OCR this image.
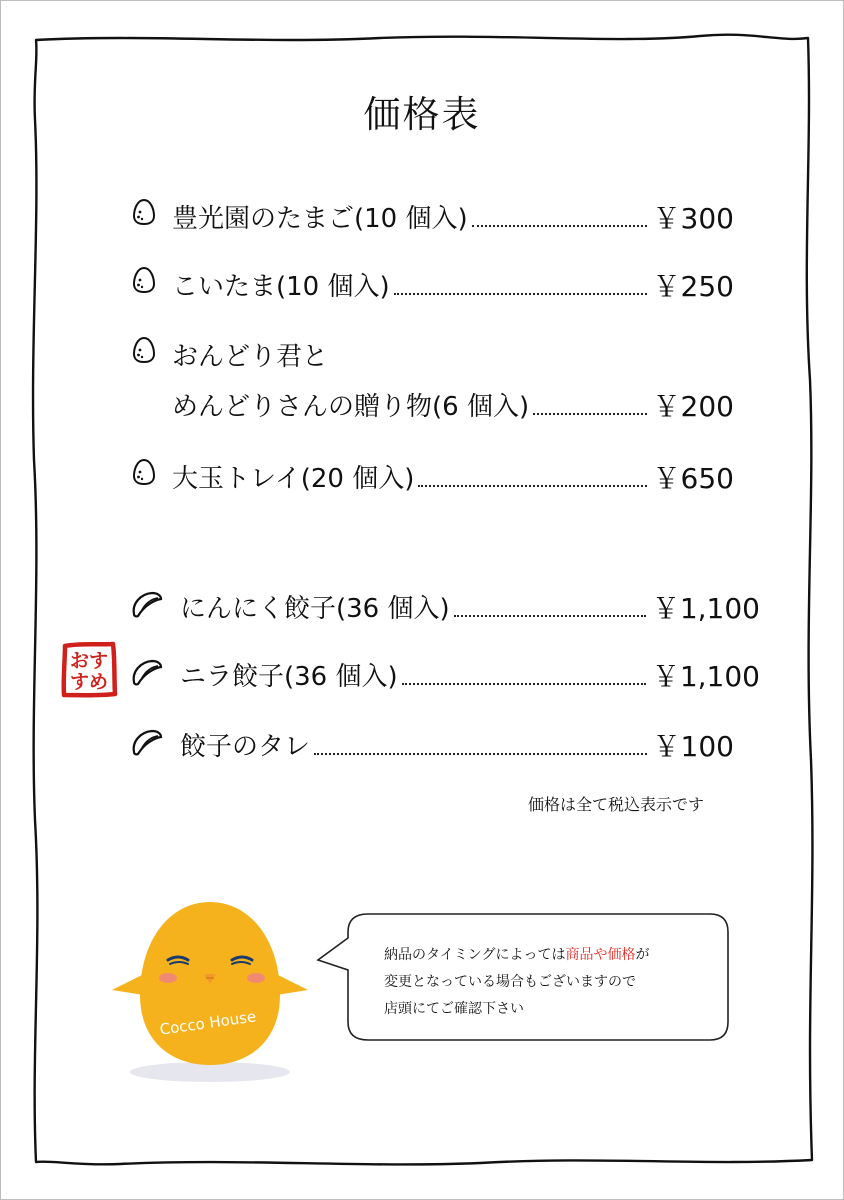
価格表
豊光園のたまご(10 個入)	￥300
こいたま(10 個入)	￥250
おんどり君と
めんどりさんの贈り物(6 個入)	￥200
大玉トレイ(20 個入)	￥650
にんにく餃子(36 個入)	￥1,100
ニラ餃子(36 個入)	￥1,100
餃子のタレ	￥100
おす
すめ
価格は全て税込表示です
納品のタイミングによっては商品や価格が
変更となっている場合もございますので
店頭にてご確認下さい
Cocco House
